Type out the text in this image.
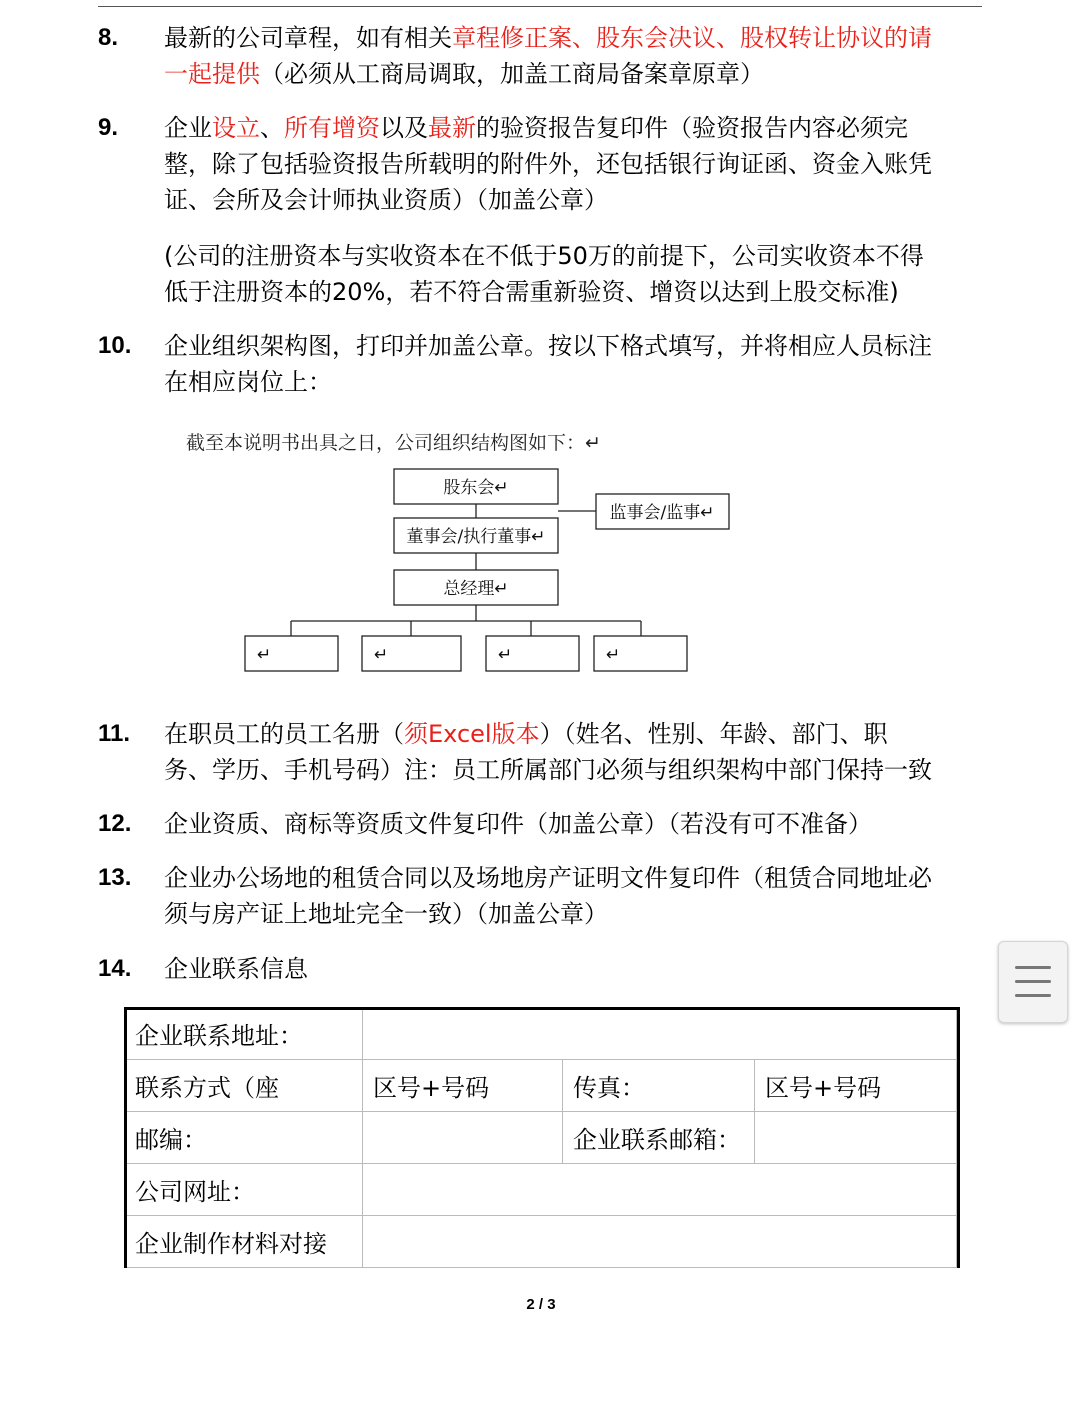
8. 最新的公司章程，如有相关章程修正案、股东会决议、股权转让协议的请
一起提供（必须从工商局调取，加盖工商局备案章原章）
9. 企业设立、所有增资以及最新的验资报告复印件（验资报告内容必须完
整，除了包括验资报告所载明的附件外，还包括银行询证函、资金入账凭
证、会所及会计师执业资质）（加盖公章）
10. 企业组织架构图，打印并加盖公章。按以下格式填写，并将相应人员标注
在相应岗位上：
11. 在职员工的员工名册（须Excel版本）（姓名、性别、年龄、部门、职
务、学历、手机号码）注：员工所属部门必须与组织架构中部门保持一致
12. 企业资质、商标等资质文件复印件（加盖公章）（若没有可不准备）
13. 企业办公场地的租赁合同以及场地房产证明文件复印件（租赁合同地址必
须与房产证上地址完全一致）（加盖公章）
14. 企业联系信息
(公司的注册资本与实收资本在不低于50万的前提下，公司实收资本不得
低于注册资本的20%，若不符合需重新验资、增资以达到上股交标准)
截至本说明书出具之日，公司组织结构图如下：↵
股东会↵
监事会/监事↵
董事会/执行董事↵
总经理↵
↵	↵	↵	↵
企业联系地址：			
联系方式（座	区号+号码	传真：	区号+号码
邮编：		企业联系邮箱：	
公司网址：			
企业制作材料对接			
2 / 3
